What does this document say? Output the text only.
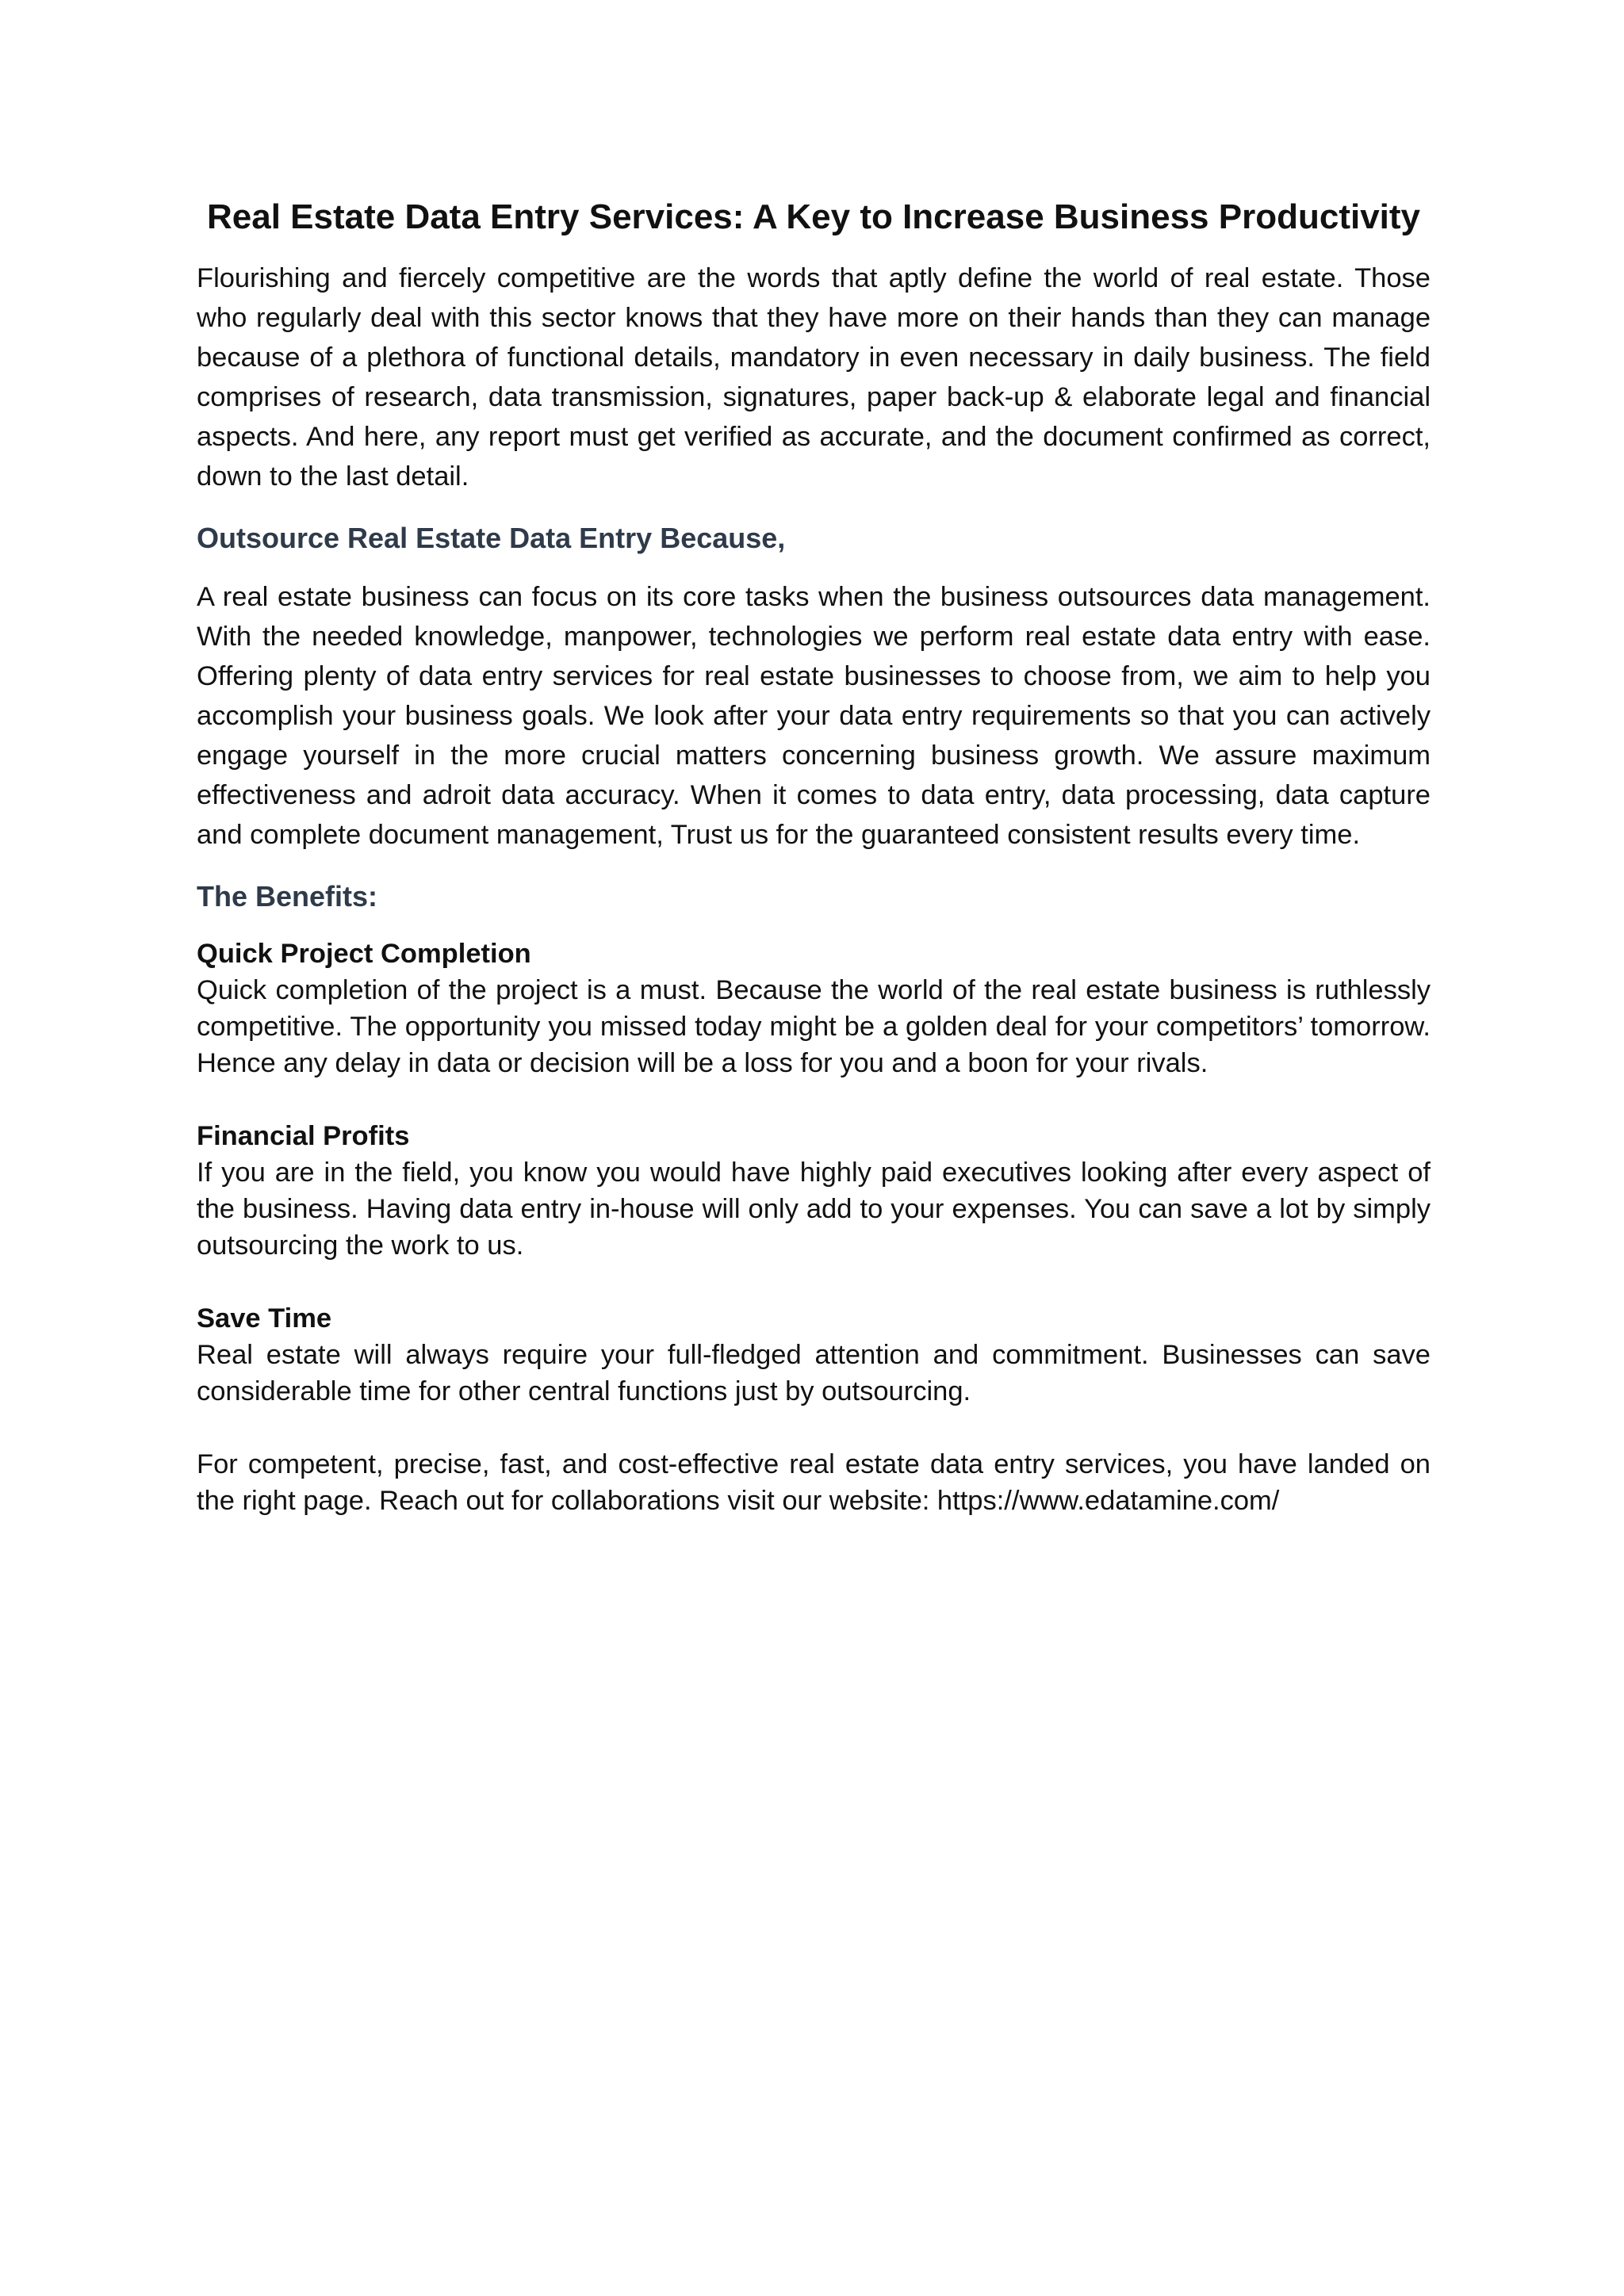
Real Estate Data Entry Services: A Key to Increase Business Productivity

Flourishing and fiercely competitive are the words that aptly define the world of real estate. Those who regularly deal with this sector knows that they have more on their hands than they can manage because of a plethora of functional details, mandatory in even necessary in daily business. The field comprises of research, data transmission, signatures, paper back-up & elaborate legal and financial aspects. And here, any report must get verified as accurate, and the document confirmed as correct, down to the last detail.

Outsource Real Estate Data Entry Because,

A real estate business can focus on its core tasks when the business outsources data management. With the needed knowledge, manpower, technologies we perform real estate data entry with ease. Offering plenty of data entry services for real estate businesses to choose from, we aim to help you accomplish your business goals. We look after your data entry requirements so that you can actively engage yourself in the more crucial matters concerning business growth. We assure maximum effectiveness and adroit data accuracy. When it comes to data entry, data processing, data capture and complete document management, Trust us for the guaranteed consistent results every time.

The Benefits:

Quick Project Completion

Quick completion of the project is a must. Because the world of the real estate business is ruthlessly competitive. The opportunity you missed today might be a golden deal for your competitors’ tomorrow. Hence any delay in data or decision will be a loss for you and a boon for your rivals.

Financial Profits

If you are in the field, you know you would have highly paid executives looking after every aspect of the business. Having data entry in-house will only add to your expenses. You can save a lot by simply outsourcing the work to us.

Save Time

Real estate will always require your full-fledged attention and commitment. Businesses can save considerable time for other central functions just by outsourcing.

For competent, precise, fast, and cost-effective real estate data entry services, you have landed on the right page. Reach out for collaborations visit our website: https://www.edatamine.com/
